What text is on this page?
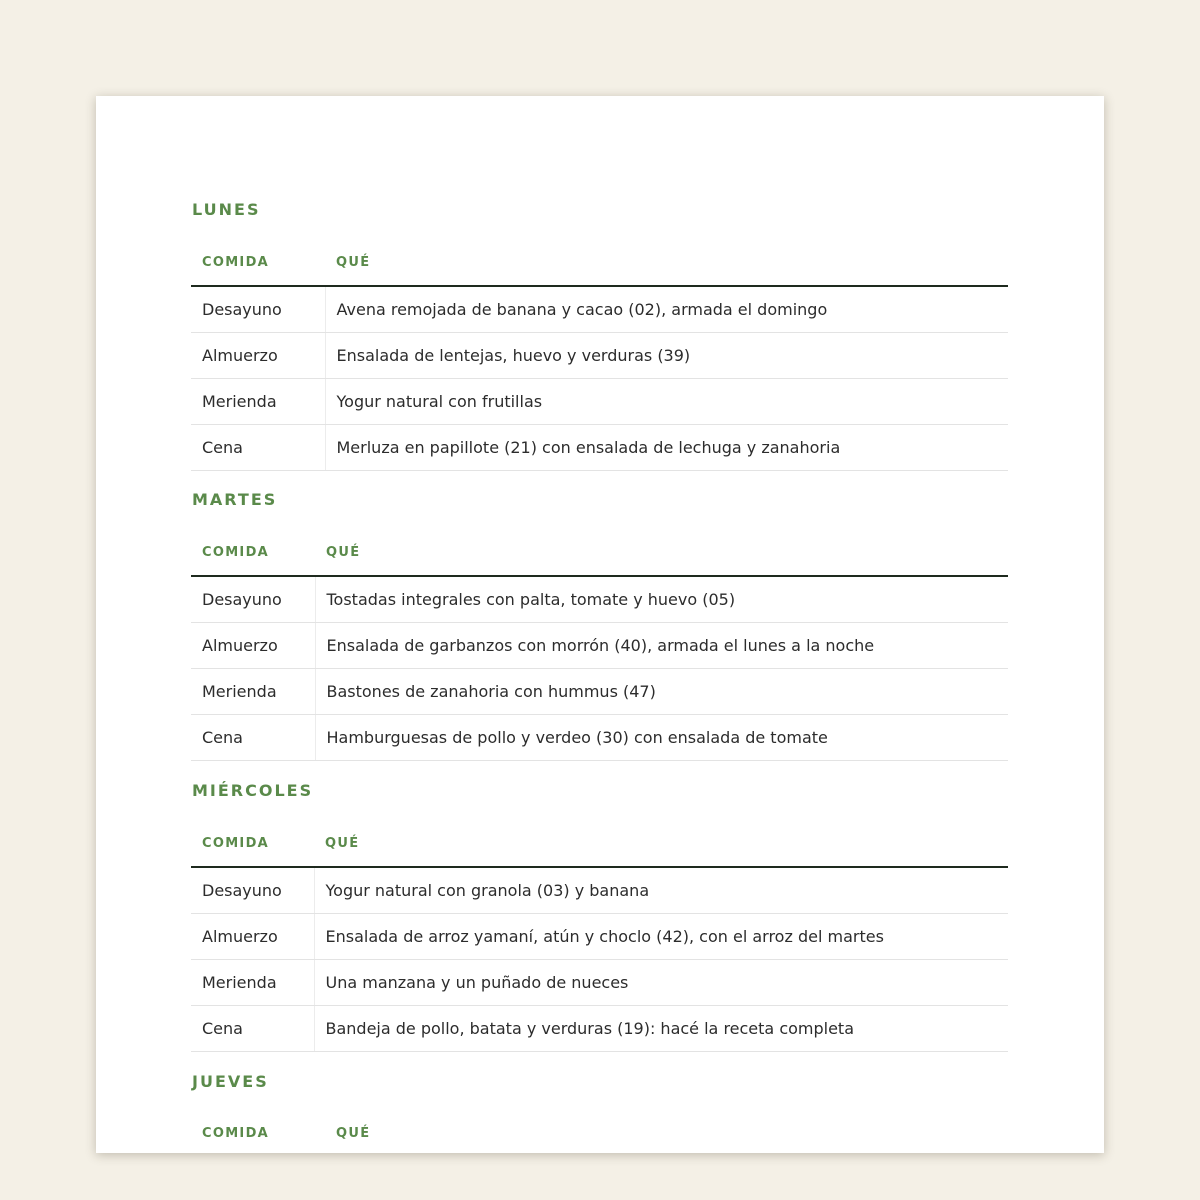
LUNES
COMIDA	QUÉ
Desayuno	Avena remojada de banana y cacao (02), armada el domingo
Almuerzo	Ensalada de lentejas, huevo y verduras (39)
Merienda	Yogur natural con frutillas
Cena	Merluza en papillote (21) con ensalada de lechuga y zanahoria
MARTES
COMIDA	QUÉ
Desayuno	Tostadas integrales con palta, tomate y huevo (05)
Almuerzo	Ensalada de garbanzos con morrón (40), armada el lunes a la noche
Merienda	Bastones de zanahoria con hummus (47)
Cena	Hamburguesas de pollo y verdeo (30) con ensalada de tomate
MIÉRCOLES
COMIDA	QUÉ
Desayuno	Yogur natural con granola (03) y banana
Almuerzo	Ensalada de arroz yamaní, atún y choclo (42), con el arroz del martes
Merienda	Una manzana y un puñado de nueces
Cena	Bandeja de pollo, batata y verduras (19): hacé la receta completa
JUEVES
COMIDA	QUÉ
